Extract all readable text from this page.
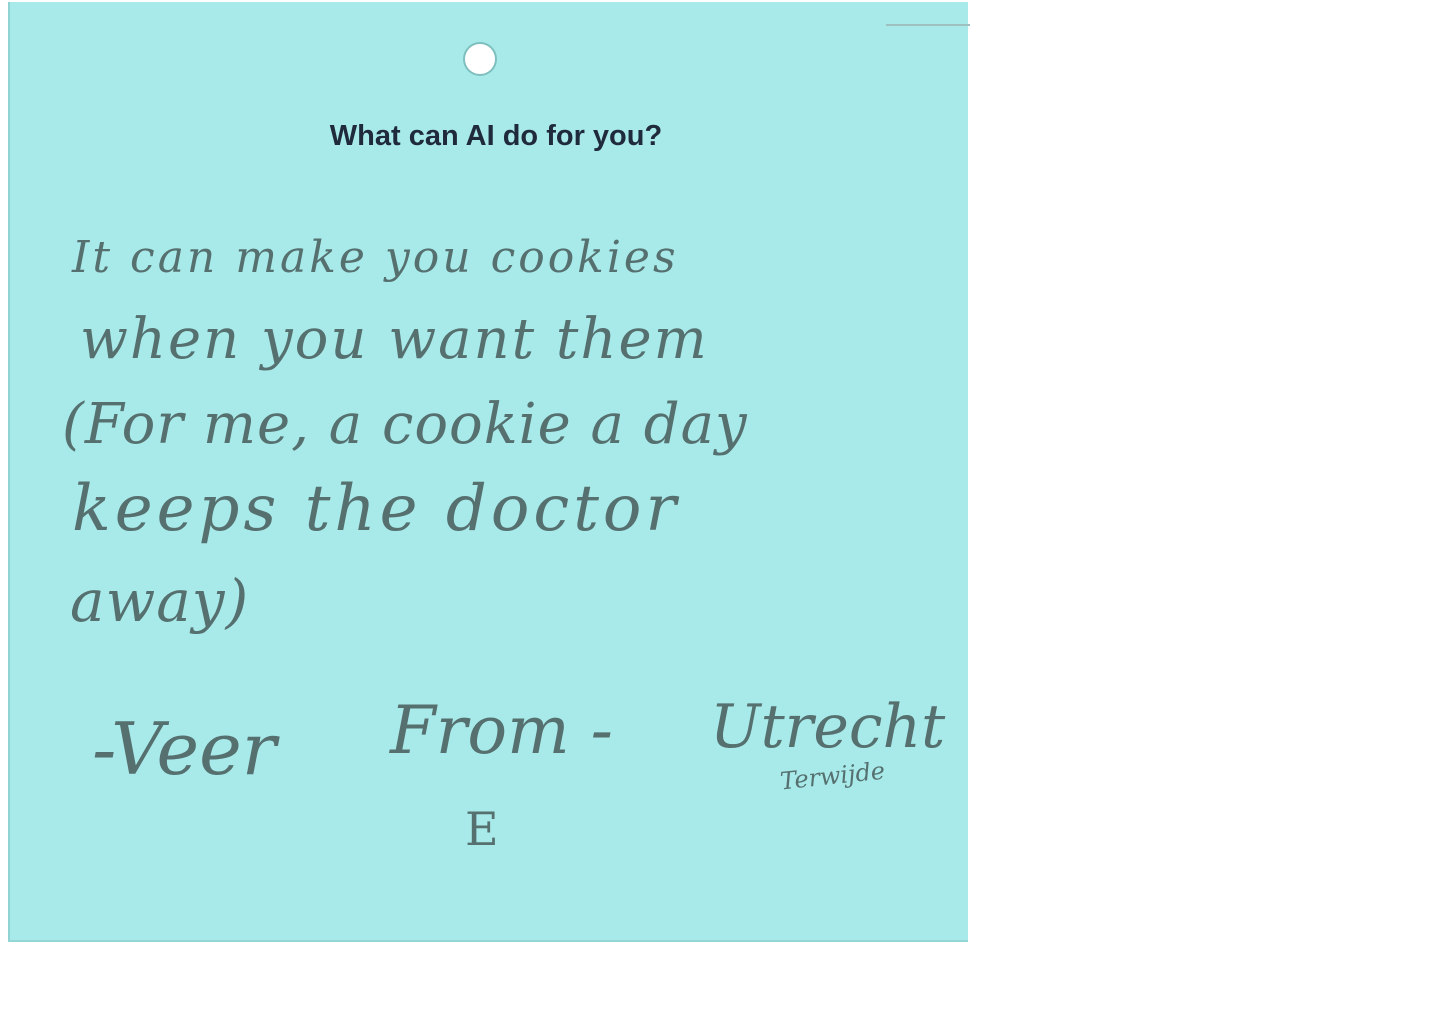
What can AI do for you?
It can make you cookies
when you want them
(For me, a cookie a day
keeps the doctor
away)
-Veer From - Utrecht
Terwijde
E
